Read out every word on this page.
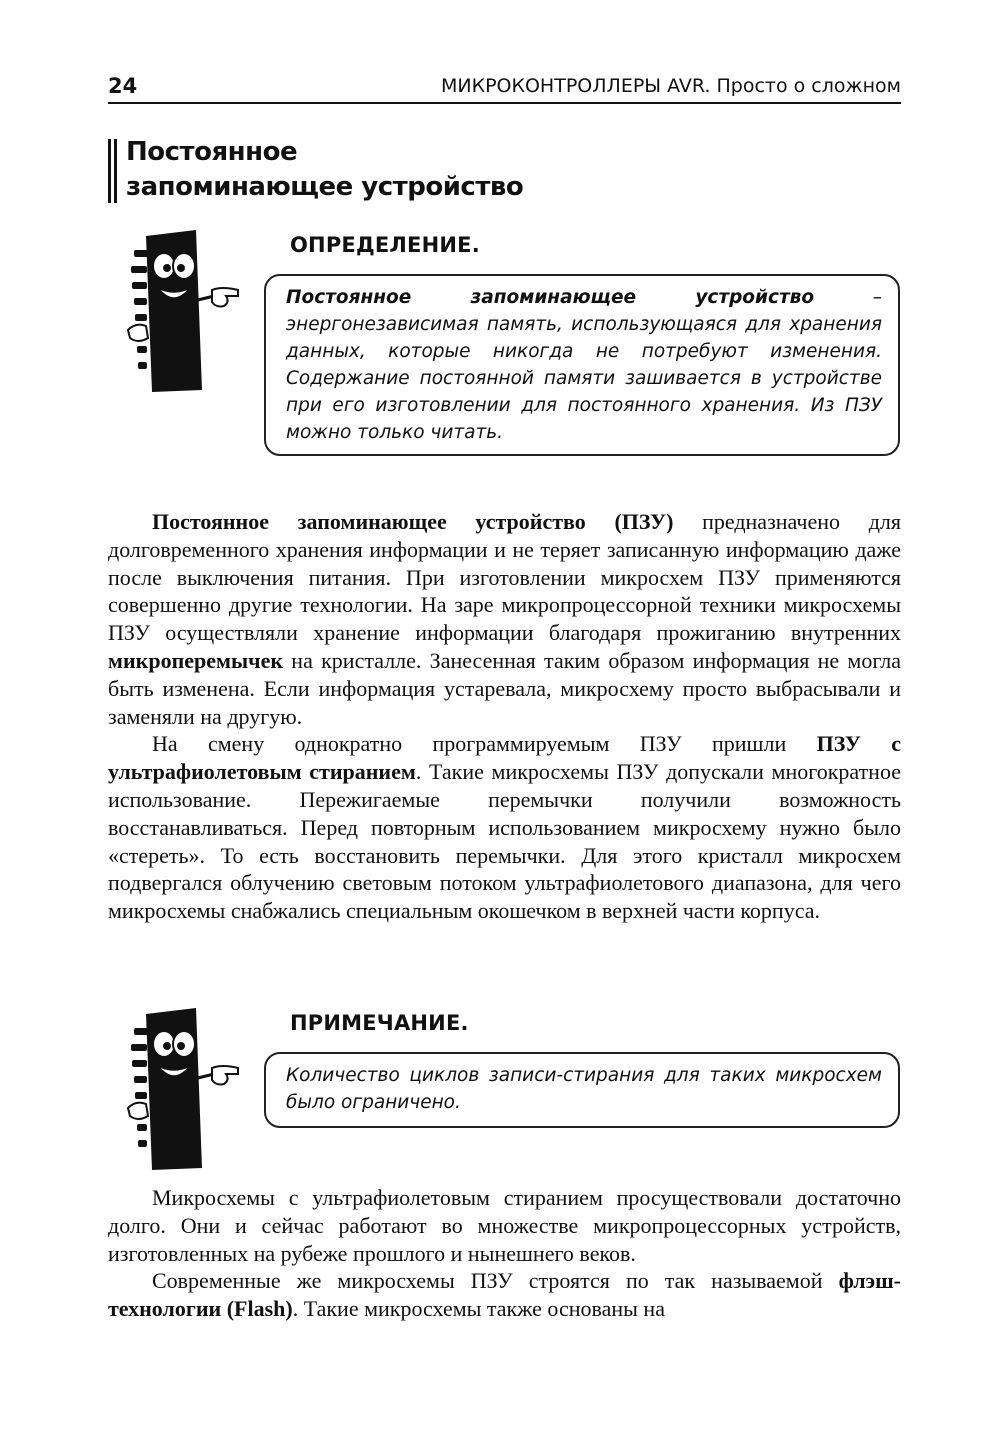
24	МИКРОКОНТРОЛЛЕРЫ AVR. Просто о сложном
Постоянное
запоминающее устройство
ОПРЕДЕЛЕНИЕ.
Постоянное запоминающее устройство – энергонезависимая память, использующаяся для хранения данных, которые никогда не потребуют изменения. Содержание постоянной памяти зашивается в устройстве при его изготовлении для постоянного хранения. Из ПЗУ можно только читать.

Постоянное запоминающее устройство (ПЗУ) предназначено для долговременного хранения информации и не теряет записанную информацию даже после выключения питания. При изготовлении микросхем ПЗУ применяются совершенно другие технологии. На заре микропроцессорной техники микросхемы ПЗУ осуществляли хранение информации благодаря прожиганию внутренних микроперемычек на кристалле. Занесенная таким образом информация не могла быть изменена. Если информация устаревала, микросхему просто выбрасывали и заменяли на другую.

На смену однократно программируемым ПЗУ пришли ПЗУ с ультрафиолетовым стиранием. Такие микросхемы ПЗУ допускали многократное использование. Пережигаемые перемычки получили возможность восстанавливаться. Перед повторным использованием микросхему нужно было «стереть». То есть восстановить перемычки. Для этого кристалл микросхем подвергался облучению световым потоком ультрафиолетового диапазона, для чего микросхемы снабжались специальным окошечком в верхней части корпуса.

ПРИМЕЧАНИЕ.
Количество циклов записи-стирания для таких микросхем было ограничено.

Микросхемы с ультрафиолетовым стиранием просуществовали достаточно долго. Они и сейчас работают во множестве микропроцессорных устройств, изготовленных на рубеже прошлого и нынешнего веков.

Современные же микросхемы ПЗУ строятся по так называемой флэш-технологии (Flash). Такие микросхемы также основаны на
